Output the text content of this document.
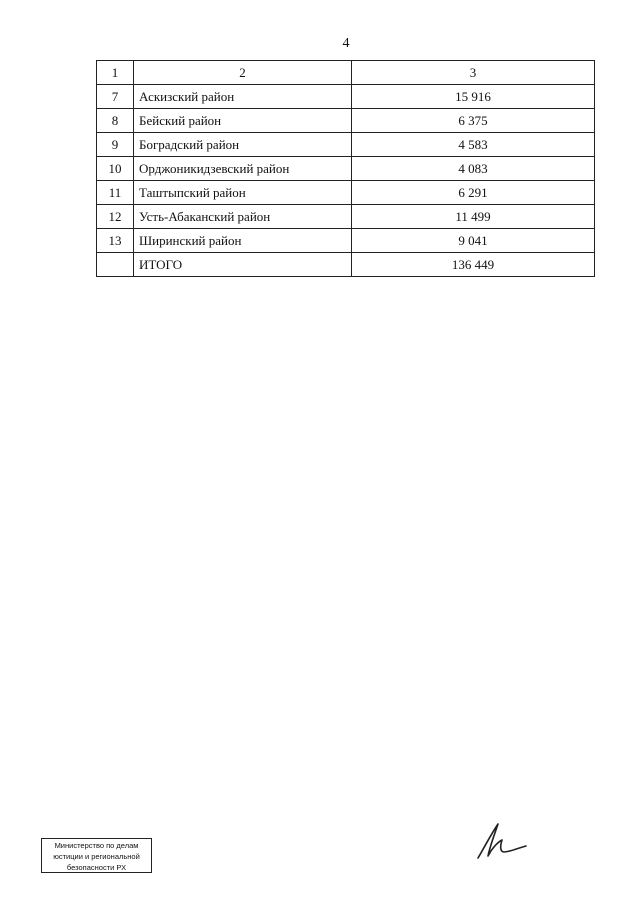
4
1	2	3
7	Аскизский район	15 916
8	Бейский район	6 375
9	Боградский район	4 583
10	Орджоникидзевский район	4 083
11	Таштыпский район	6 291
12	Усть-Абаканский район	11 499
13	Ширинский район	9 041
	ИТОГО	136 449
Министерство по делам
юстиции и региональной
безопасности РХ
